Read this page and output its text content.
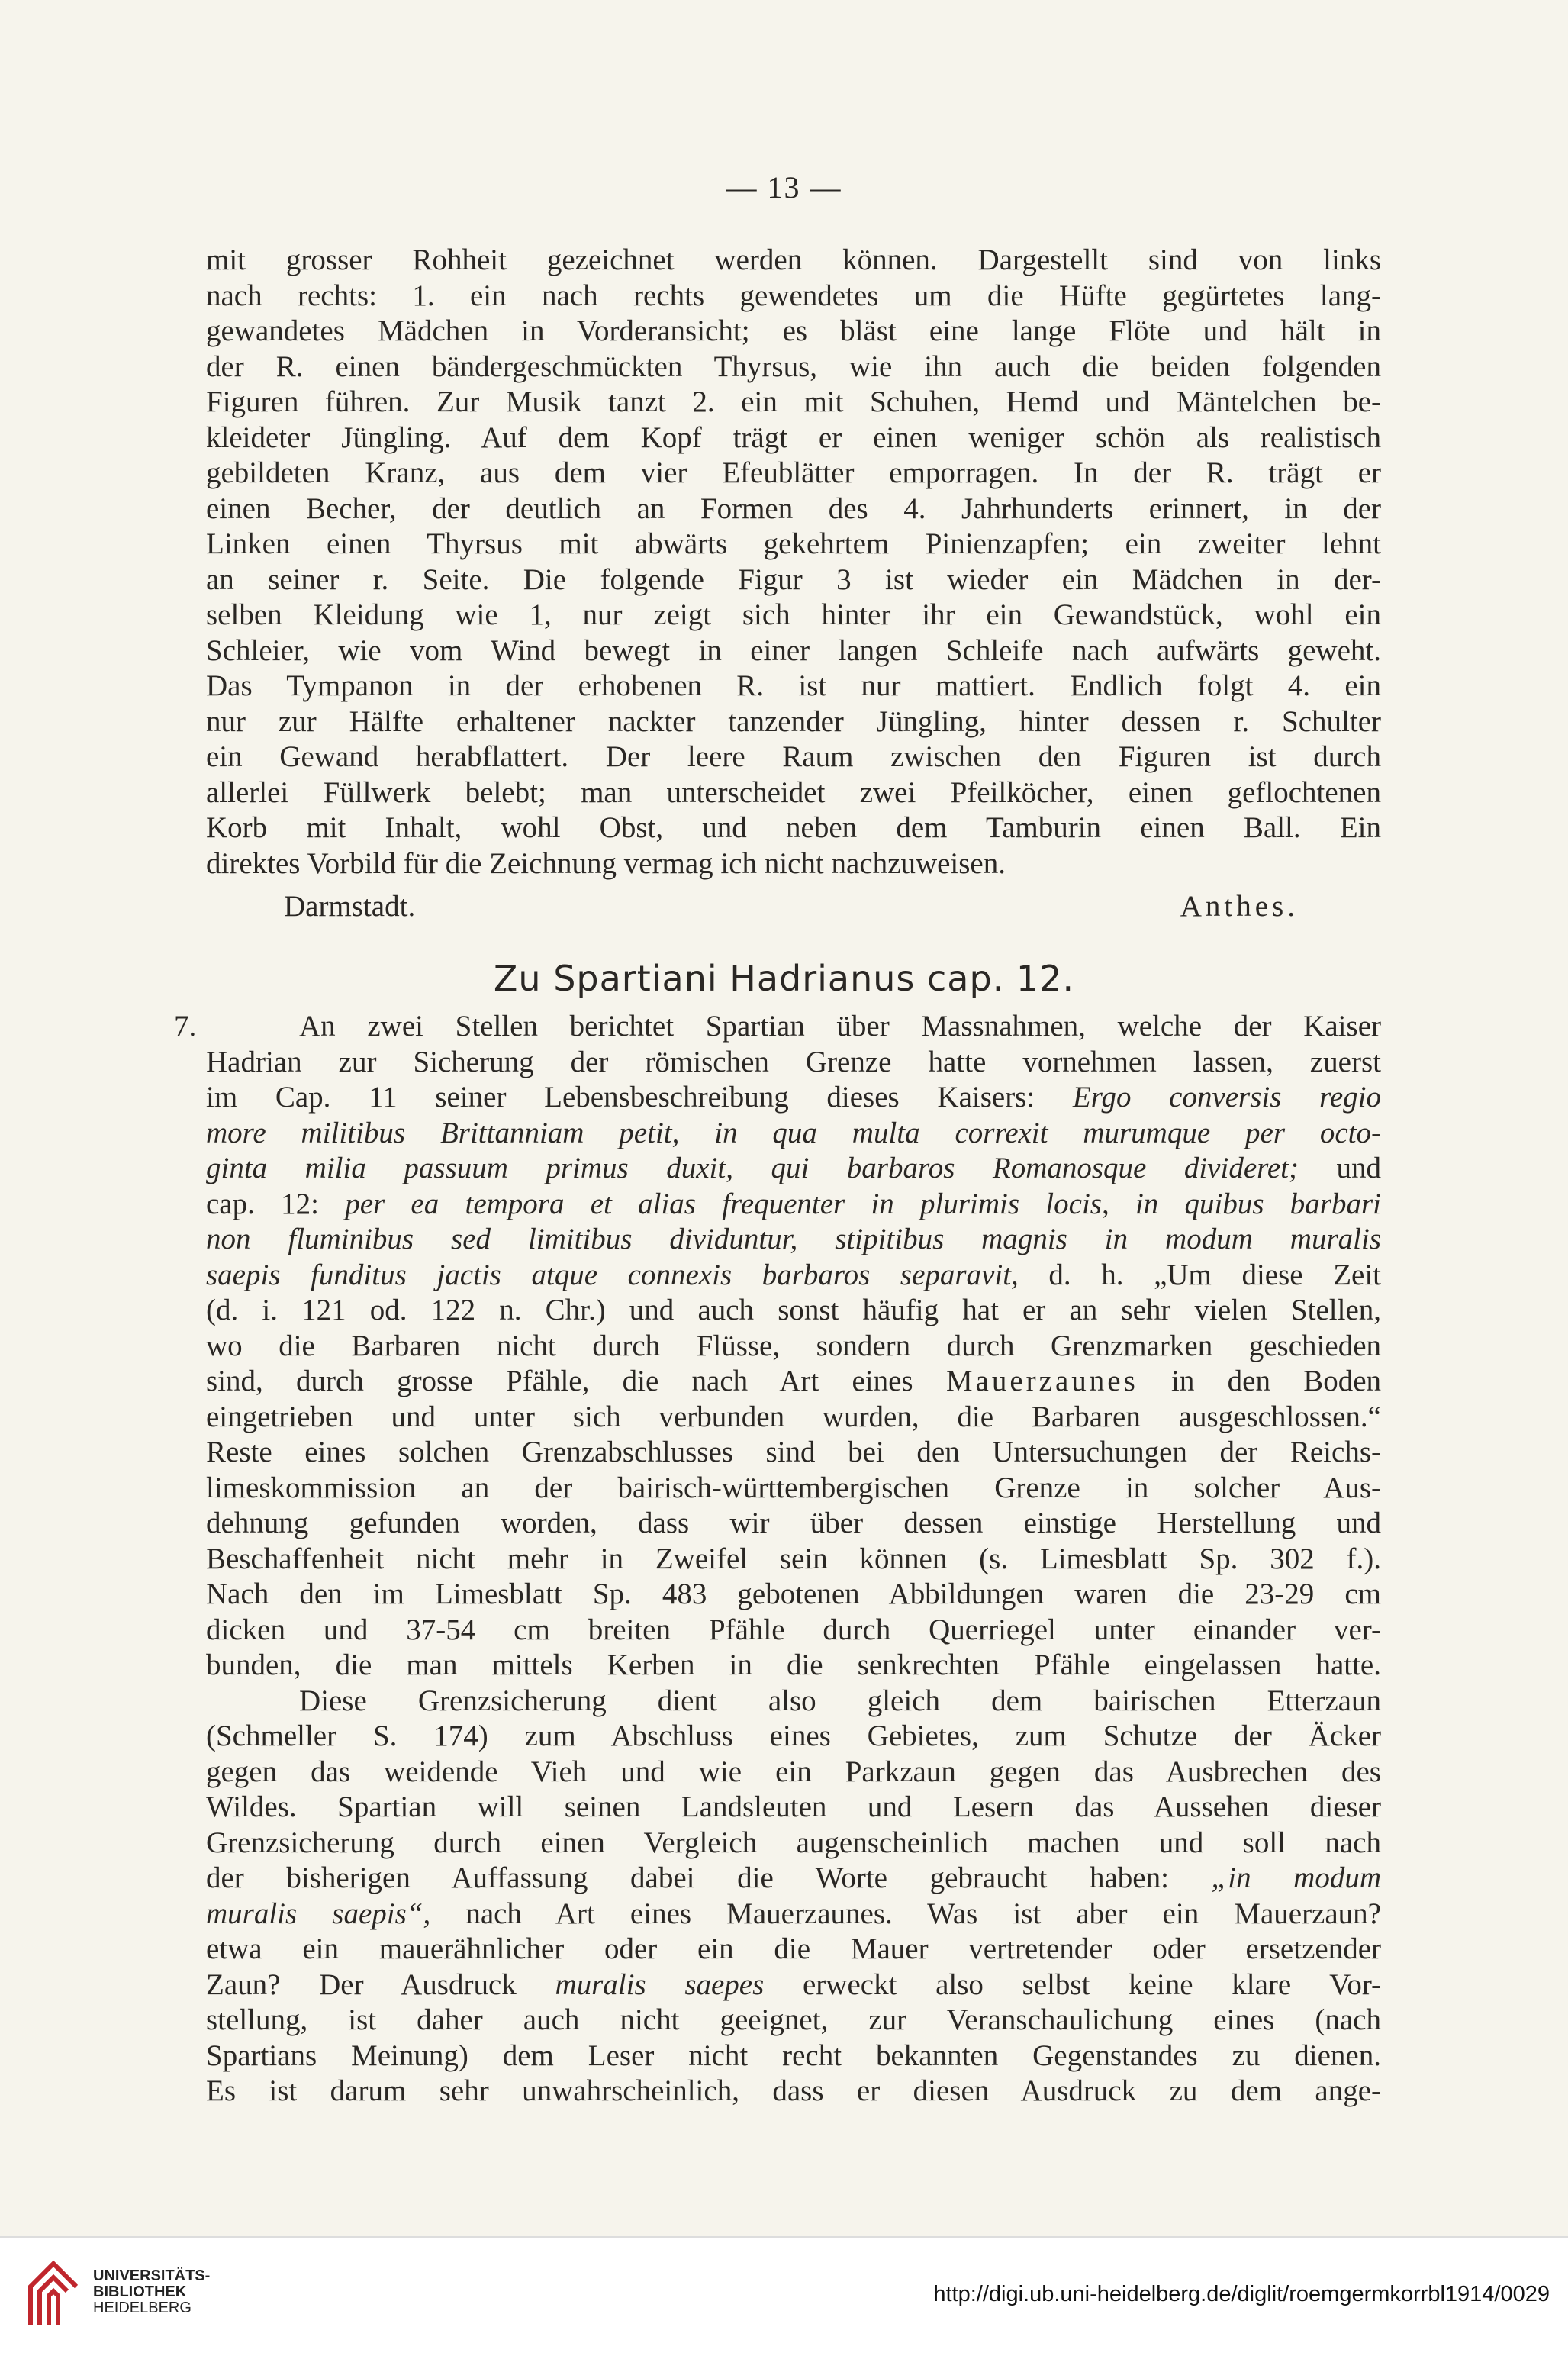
— 13 —
mit grosser Rohheit gezeichnet werden können. Dargestellt sind von links
nach rechts: 1. ein nach rechts gewendetes um die Hüfte gegürtetes lang-
gewandetes Mädchen in Vorderansicht; es bläst eine lange Flöte und hält in
der R. einen bändergeschmückten Thyrsus, wie ihn auch die beiden folgenden
Figuren führen. Zur Musik tanzt 2. ein mit Schuhen, Hemd und Mäntelchen be-
kleideter Jüngling. Auf dem Kopf trägt er einen weniger schön als realistisch
gebildeten Kranz, aus dem vier Efeublätter emporragen. In der R. trägt er
einen Becher, der deutlich an Formen des 4. Jahrhunderts erinnert, in der
Linken einen Thyrsus mit abwärts gekehrtem Pinienzapfen; ein zweiter lehnt
an seiner r. Seite. Die folgende Figur 3 ist wieder ein Mädchen in der-
selben Kleidung wie 1, nur zeigt sich hinter ihr ein Gewandstück, wohl ein
Schleier, wie vom Wind bewegt in einer langen Schleife nach aufwärts geweht.
Das Tympanon in der erhobenen R. ist nur mattiert. Endlich folgt 4. ein
nur zur Hälfte erhaltener nackter tanzender Jüngling, hinter dessen r. Schulter
ein Gewand herabflattert. Der leere Raum zwischen den Figuren ist durch
allerlei Füllwerk belebt; man unterscheidet zwei Pfeilköcher, einen geflochtenen
Korb mit Inhalt, wohl Obst, und neben dem Tamburin einen Ball. Ein
direktes Vorbild für die Zeichnung vermag ich nicht nachzuweisen.
Darmstadt.	Anthes.
Zu Spartiani Hadrianus cap. 12.
7.	An zwei Stellen berichtet Spartian über Massnahmen, welche der Kaiser
Hadrian zur Sicherung der römischen Grenze hatte vornehmen lassen, zuerst
im Cap. 11 seiner Lebensbeschreibung dieses Kaisers: Ergo conversis regio
more militibus Brittanniam petit, in qua multa correxit murumque per octo-
ginta milia passuum primus duxit, qui barbaros Romanosque divideret; und
cap. 12: per ea tempora et alias frequenter in plurimis locis, in quibus barbari
non fluminibus sed limitibus dividuntur, stipitibus magnis in modum muralis
saepis funditus jactis atque connexis barbaros separavit, d. h. „Um diese Zeit
(d. i. 121 od. 122 n. Chr.) und auch sonst häufig hat er an sehr vielen Stellen,
wo die Barbaren nicht durch Flüsse, sondern durch Grenzmarken geschieden
sind, durch grosse Pfähle, die nach Art eines Mauerzaunes in den Boden
eingetrieben und unter sich verbunden wurden, die Barbaren ausgeschlossen.“
Reste eines solchen Grenzabschlusses sind bei den Untersuchungen der Reichs-
limeskommission an der bairisch-württembergischen Grenze in solcher Aus-
dehnung gefunden worden, dass wir über dessen einstige Herstellung und
Beschaffenheit nicht mehr in Zweifel sein können (s. Limesblatt Sp. 302 f.).
Nach den im Limesblatt Sp. 483 gebotenen Abbildungen waren die 23-29 cm
dicken und 37-54 cm breiten Pfähle durch Querriegel unter einander ver-
bunden, die man mittels Kerben in die senkrechten Pfähle eingelassen hatte.
Diese Grenzsicherung dient also gleich dem bairischen Etterzaun
(Schmeller S. 174) zum Abschluss eines Gebietes, zum Schutze der Äcker
gegen das weidende Vieh und wie ein Parkzaun gegen das Ausbrechen des
Wildes. Spartian will seinen Landsleuten und Lesern das Aussehen dieser
Grenzsicherung durch einen Vergleich augenscheinlich machen und soll nach
der bisherigen Auffassung dabei die Worte gebraucht haben: „in modum
muralis saepis“, nach Art eines Mauerzaunes. Was ist aber ein Mauerzaun?
etwa ein mauerähnlicher oder ein die Mauer vertretender oder ersetzender
Zaun? Der Ausdruck muralis saepes erweckt also selbst keine klare Vor-
stellung, ist daher auch nicht geeignet, zur Veranschaulichung eines (nach
Spartians Meinung) dem Leser nicht recht bekannten Gegenstandes zu dienen.
Es ist darum sehr unwahrscheinlich, dass er diesen Ausdruck zu dem ange-
UNIVERSITÄTS-
BIBLIOTHEK
HEIDELBERG
http://digi.ub.uni-heidelberg.de/diglit/roemgermkorrbl1914/0029
